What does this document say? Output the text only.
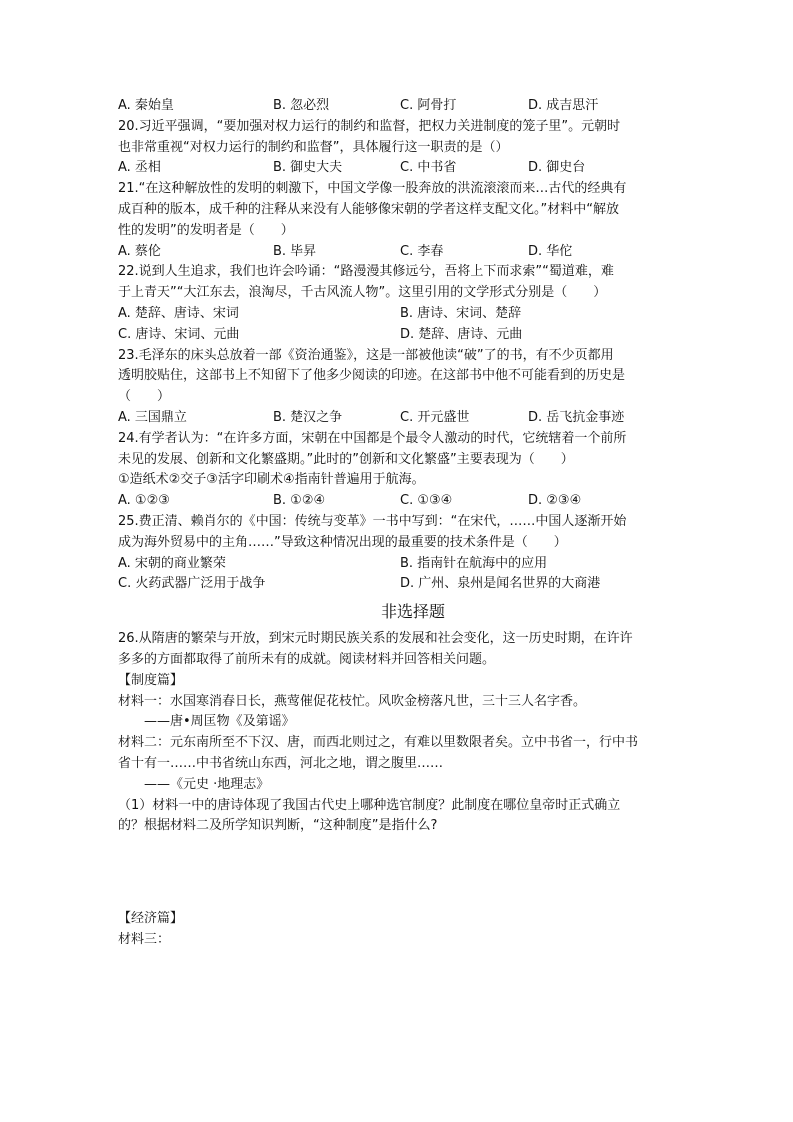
A. 秦始皇	B. 忽必烈	C. 阿骨打	D. 成吉思汗
20.习近平强调，“要加强对权力运行的制约和监督，把权力关进制度的笼子里”。元朝时
也非常重视“对权力运行的制约和监督”，具体履行这一职责的是（）
A. 丞相	B. 御史大夫	C. 中书省	D. 御史台
21.“在这种解放性的发明的刺激下，中国文学像一股奔放的洪流滚滚而来…古代的经典有
成百种的版本，成千种的注释从来没有人能够像宋朝的学者这样支配文化。”材料中“解放
性的发明”的发明者是（　　）
A. 蔡伦	B. 毕昇	C. 李春	D. 华佗
22.说到人生追求，我们也许会吟诵：“路漫漫其修远兮，吾将上下而求索”“蜀道难，难
于上青天”“大江东去，浪淘尽，千古风流人物”。这里引用的文学形式分别是（　　）
A. 楚辞、唐诗、宋词	B. 唐诗、宋词、楚辞
C. 唐诗、宋词、元曲	D. 楚辞、唐诗、元曲
23.毛泽东的床头总放着一部《资治通鉴》，这是一部被他读“破”了的书，有不少页都用
透明胶贴住，这部书上不知留下了他多少阅读的印迹。在这部书中他不可能看到的历史是
（　　）
A. 三国鼎立	B. 楚汉之争	C. 开元盛世	D. 岳飞抗金事迹
24.有学者认为：“在许多方面，宋朝在中国都是个最令人激动的时代，它统辖着一个前所
未见的发展、创新和文化繁盛期。”此时的”创新和文化繁盛”主要表现为（　　）
①造纸术②交子③活字印刷术④指南针普遍用于航海。
A. ①②③	B. ①②④	C. ①③④	D. ②③④
25.费正清、赖肖尔的《中国：传统与变革》一书中写到：“在宋代，……中国人逐渐开始
成为海外贸易中的主角……”导致这种情况出现的最重要的技术条件是（　　）
A. 宋朝的商业繁荣	B. 指南针在航海中的应用
C. 火药武器广泛用于战争	D. 广州、泉州是闻名世界的大商港
非选择题
26.从隋唐的繁荣与开放，到宋元时期民族关系的发展和社会变化，这一历史时期，在许许
多多的方面都取得了前所未有的成就。阅读材料并回答相关问题。
【制度篇】
材料一：水国寒消春日长，燕莺催促花枝忙。风吹金榜落凡世，三十三人名字香。
　　——唐•周匡物《及第谣》
材料二：元东南所至不下汉、唐，而西北则过之，有难以里数限者矣。立中书省一，行中书
省十有一……中书省统山东西，河北之地，谓之腹里……
　　——《元史 ·地理志》
（1）材料一中的唐诗体现了我国古代史上哪种选官制度？此制度在哪位皇帝时正式确立
的？根据材料二及所学知识判断，“这种制度”是指什么?
【经济篇】
材料三：
